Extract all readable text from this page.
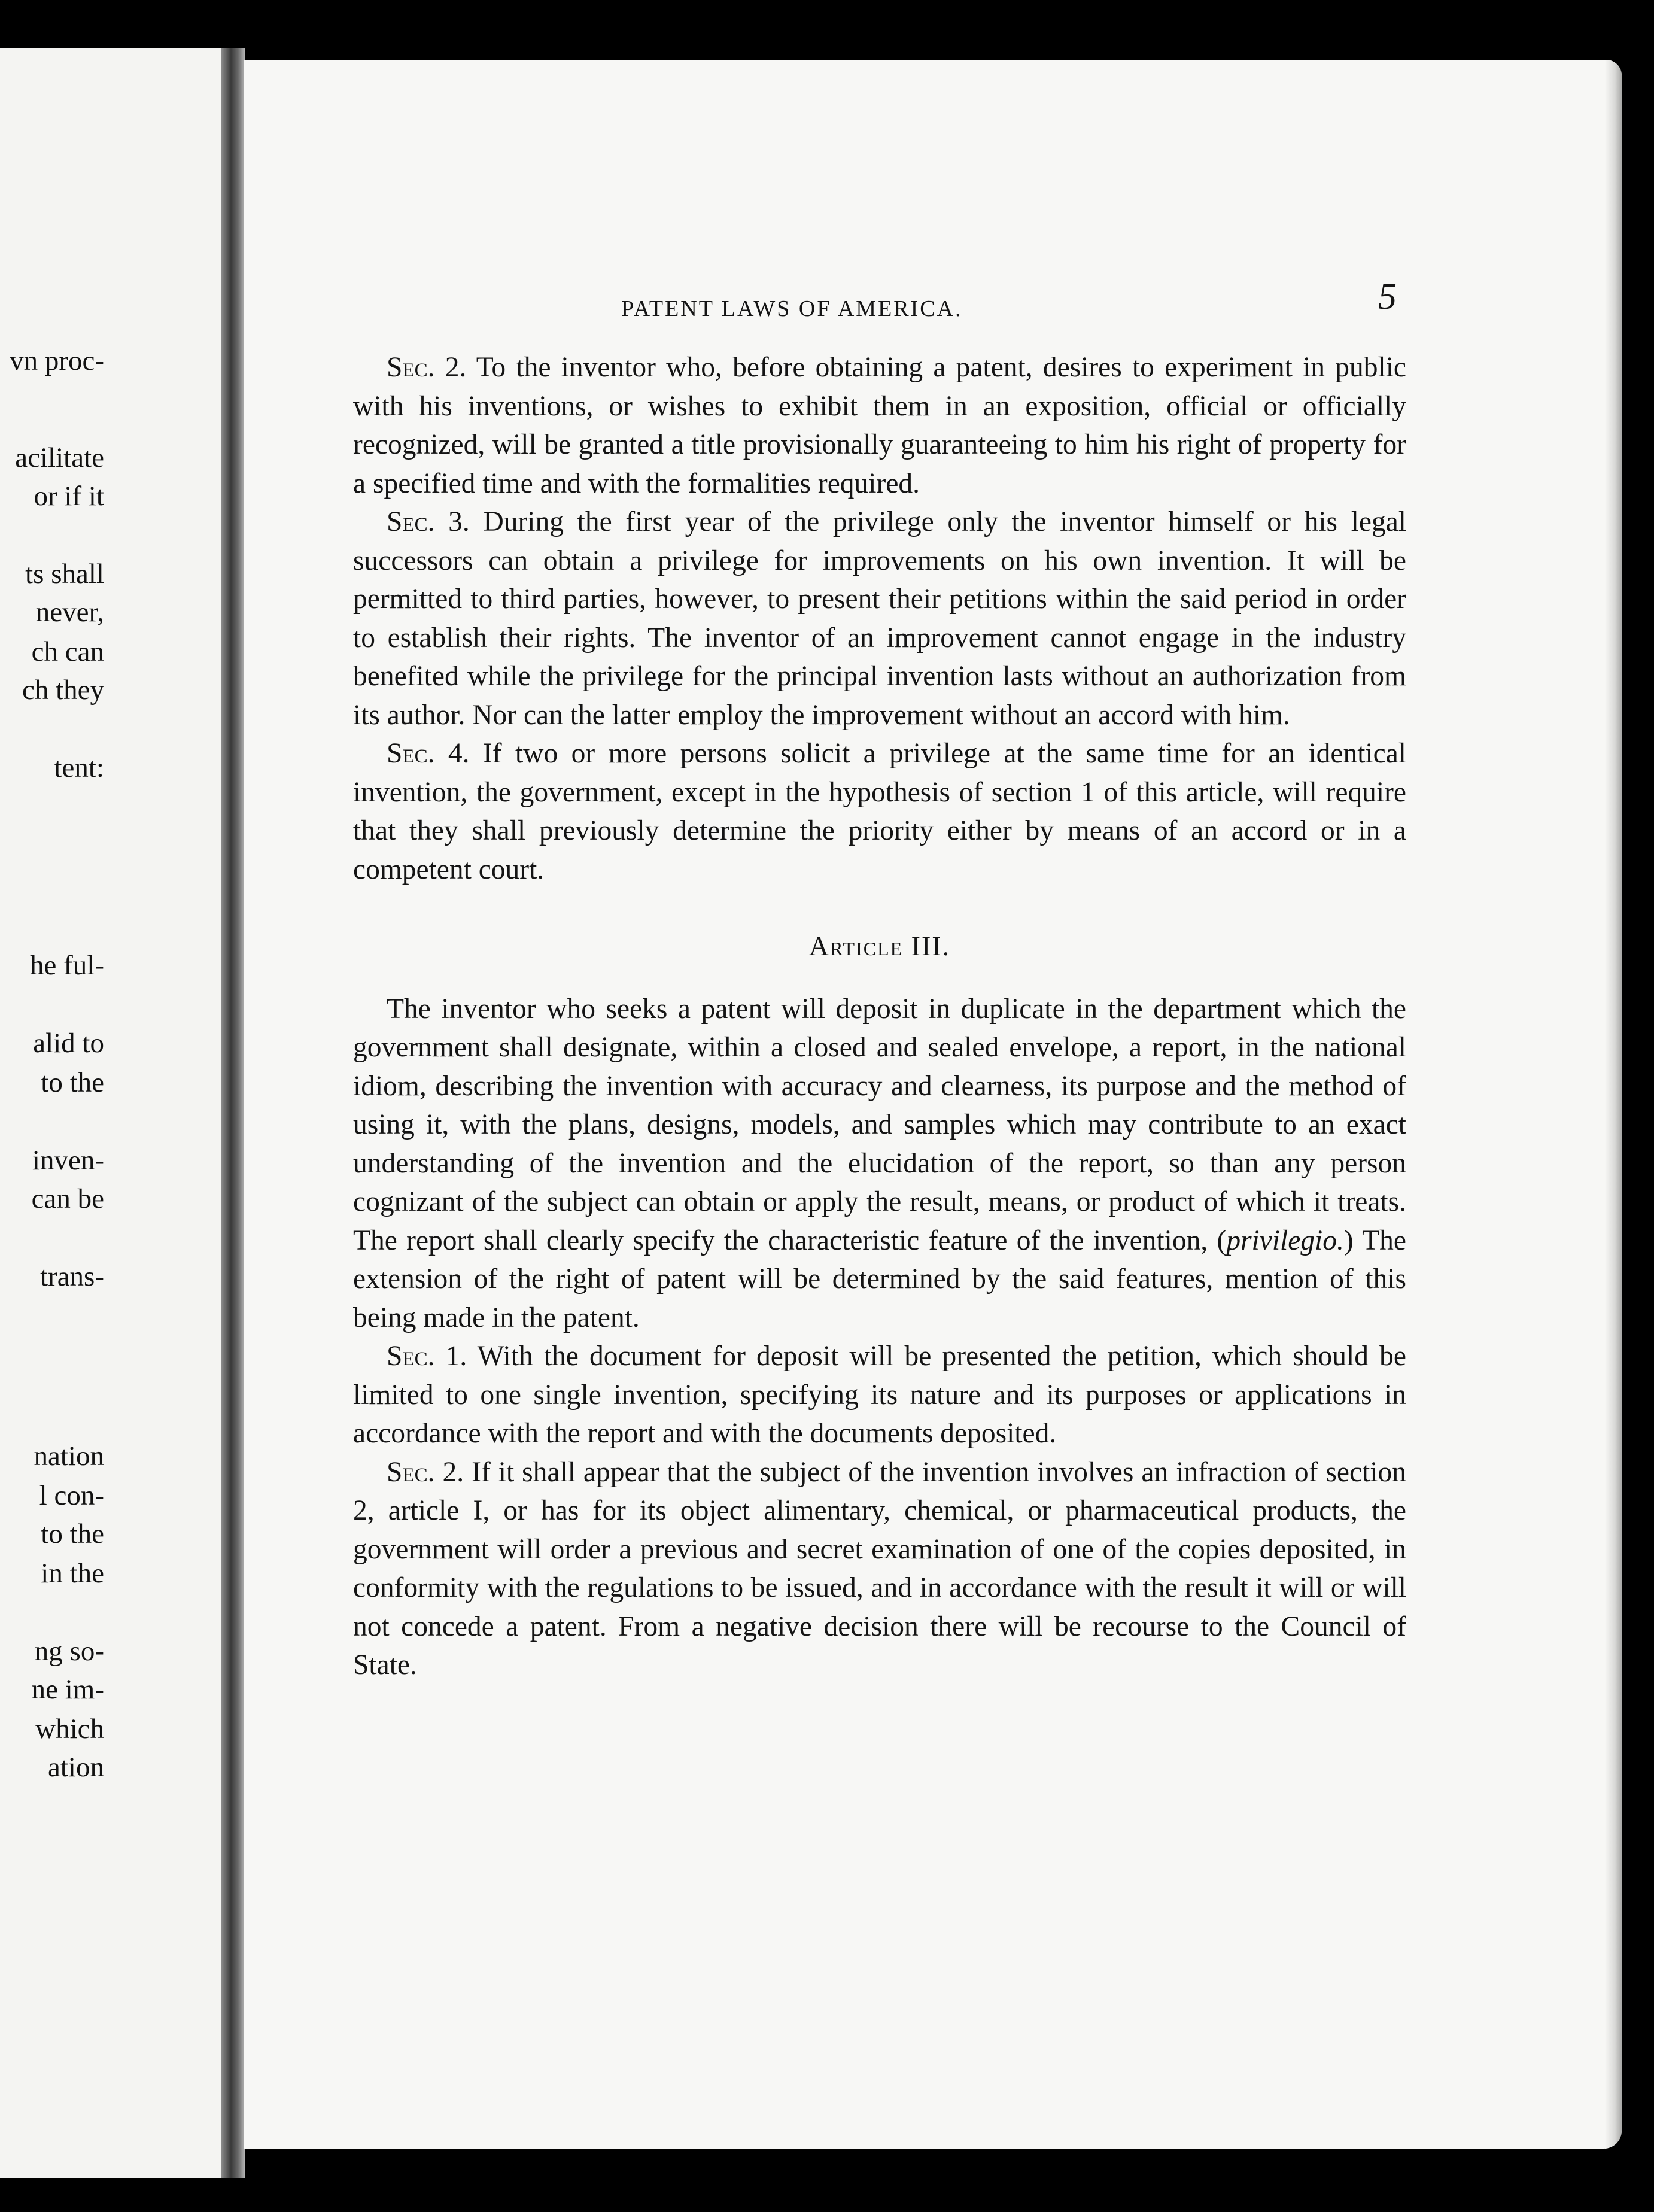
vn proc-
acilitate
or if it
ts shall
never,
ch can
ch they
tent:
he ful-
alid to
to the
inven-
can be
trans-
nation
l con-
to the
in the
ng so-
ne im-
which
ation
PATENT LAWS OF AMERICA.	5

Sec. 2. To the inventor who, before obtaining a patent, desires to experiment in public with his inventions, or wishes to exhibit them in an exposition, official or officially recognized, will be granted a title provisionally guaranteeing to him his right of property for a specified time and with the formalities required.

Sec. 3. During the first year of the privilege only the inventor himself or his legal successors can obtain a privilege for improvements on his own invention. It will be permitted to third parties, however, to present their petitions within the said period in order to establish their rights. The inventor of an improvement cannot engage in the industry benefited while the privilege for the principal invention lasts without an authorization from its author. Nor can the latter employ the improvement without an accord with him.

Sec. 4. If two or more persons solicit a privilege at the same time for an identical invention, the government, except in the hypothesis of section 1 of this article, will require that they shall previously determine the priority either by means of an accord or in a competent court.

Article III.

The inventor who seeks a patent will deposit in duplicate in the department which the government shall designate, within a closed and sealed envelope, a report, in the national idiom, describing the invention with accuracy and clearness, its purpose and the method of using it, with the plans, designs, models, and samples which may contribute to an exact understanding of the invention and the elucidation of the report, so than any person cognizant of the subject can obtain or apply the result, means, or product of which it treats. The report shall clearly specify the characteristic feature of the invention, (privilegio.) The extension of the right of patent will be determined by the said features, mention of this being made in the patent.

Sec. 1. With the document for deposit will be presented the petition, which should be limited to one single invention, specifying its nature and its purposes or applications in accordance with the report and with the documents deposited.

Sec. 2. If it shall appear that the subject of the invention involves an infraction of section 2, article I, or has for its object alimentary, chemical, or pharmaceutical products, the government will order a previous and secret examination of one of the copies deposited, in conformity with the regulations to be issued, and in accordance with the result it will or will not concede a patent. From a negative decision there will be recourse to the Council of State.
